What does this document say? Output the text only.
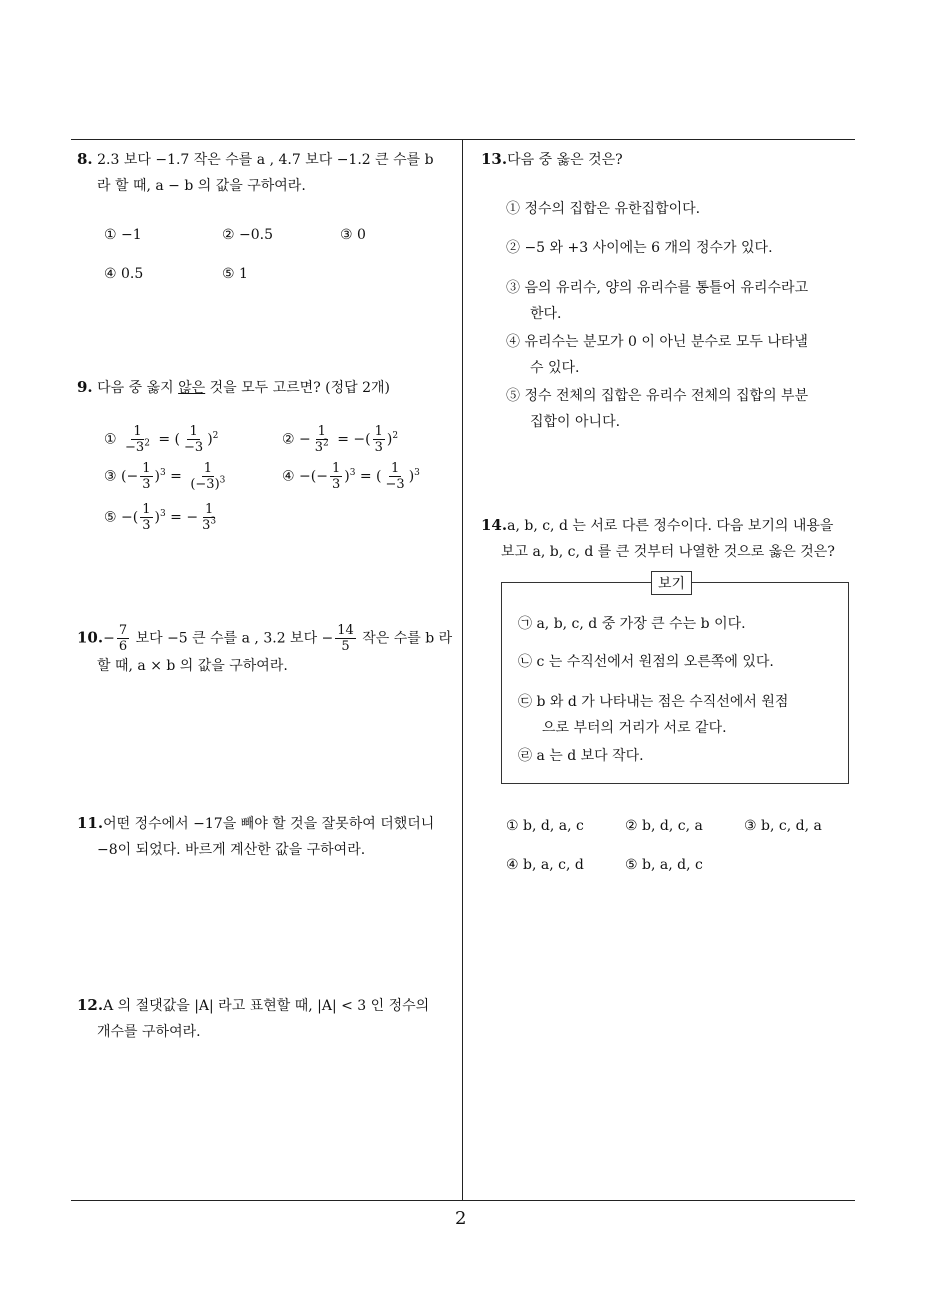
2
8. 2.3 보다 −1.7 작은 수를 a , 4.7 보다 −1.2 큰 수를 b
라 할 때, a − b 의 값을 구하여라.
① −1	② −0.5	③ 0
④ 0.5	⑤ 1
9. 다음 중 옳지 않은 것을 모두 고르면? (정답 2개)
① $\frac{1}{-3^2}$ = ( $\frac{1}{-3} )^2$	② − $\frac{1}{3^2}$ = −( $\frac{1}{3} )^2$
③ (− $\frac{1}{3} )^3 = \frac{1}{(-3)^3}$	④ −(− $\frac{1}{3} )^3$ = ( $\frac{1}{-3} )^3$
⑤ −( $\frac{1}{3} )^3$ = − $\frac{1}{3^3}$
$10.- \frac{7}{6}$ 보다 −5 큰 수를 a , 3.2 보다 − $\frac{14}{5}$ 작은 수를 b 라
할 때, a × b 의 값을 구하여라.
11.어떤 정수에서 −17을 빼야 할 것을 잘못하여 더했더니
−8이 되었다. 바르게 계산한 값을 구하여라.
12.A 의 절댓값을 |A| 라고 표현할 때, |A| < 3 인 정수의
개수를 구하여라.
13.다음 중 옳은 것은?
① 정수의 집합은 유한집합이다.
② −5 와 +3 사이에는 6 개의 정수가 있다.
③ 음의 유리수, 양의 유리수를 통틀어 유리수라고
한다.
④ 유리수는 분모가 0 이 아닌 분수로 모두 나타낼
수 있다.
⑤ 정수 전체의 집합은 유리수 전체의 집합의 부분
집합이 아니다.
14.a, b, c, d 는 서로 다른 정수이다. 다음 보기의 내용을
보고 a, b, c, d 를 큰 것부터 나열한 것으로 옳은 것은?
보기
㉠ a, b, c, d 중 가장 큰 수는 b 이다.
㉡ c 는 수직선에서 원점의 오른쪽에 있다.
㉢ b 와 d 가 나타내는 점은 수직선에서 원점
으로 부터의 거리가 서로 같다.
㉣ a 는 d 보다 작다.
① b, d, a, c	② b, d, c, a	③ b, c, d, a
④ b, a, c, d	⑤ b, a, d, c
